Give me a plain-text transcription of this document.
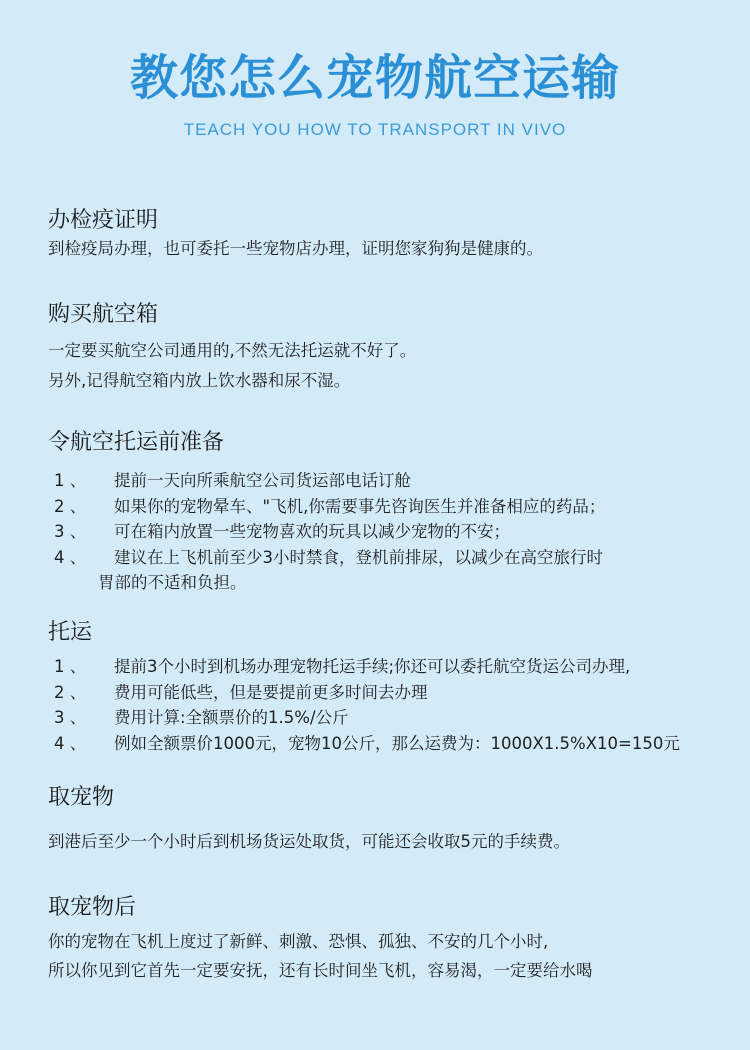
教您怎么宠物航空运输
TEACH YOU HOW TO TRANSPORT IN VIVO
办检疫证明
到检疫局办理，也可委托一些宠物店办理，证明您家狗狗是健康的。
购买航空箱
一定要买航空公司通用的,不然无法托运就不好了。
另外,记得航空箱内放上饮水器和尿不湿。
令航空托运前准备
1 、	提前一天向所乘航空公司货运部电话订舱
2 、	如果你的宠物晕车、"飞机,你需要事先咨询医生并准备相应的药品；
3 、	可在箱内放置一些宠物喜欢的玩具以减少宠物的不安；
4 、	建议在上飞机前至少3小时禁食，登机前排尿，以减少在高空旅行时
胃部的不适和负担。
托运
1 、	提前3个小时到机场办理宠物托运手续;你还可以委托航空货运公司办理,
2 、	费用可能低些，但是要提前更多时间去办理
3 、	费用计算:全额票价的1.5%/公斤
4 、	例如全额票价1000元，宠物10公斤，那么运费为：1000X1.5%X10=150元
取宠物
到港后至少一个小时后到机场货运处取货，可能还会收取5元的手续费。
取宠物后
你的宠物在飞机上度过了新鲜、刺激、恐惧、孤独、不安的几个小时,
所以你见到它首先一定要安抚，还有长时间坐飞机，容易渴，一定要给水喝
